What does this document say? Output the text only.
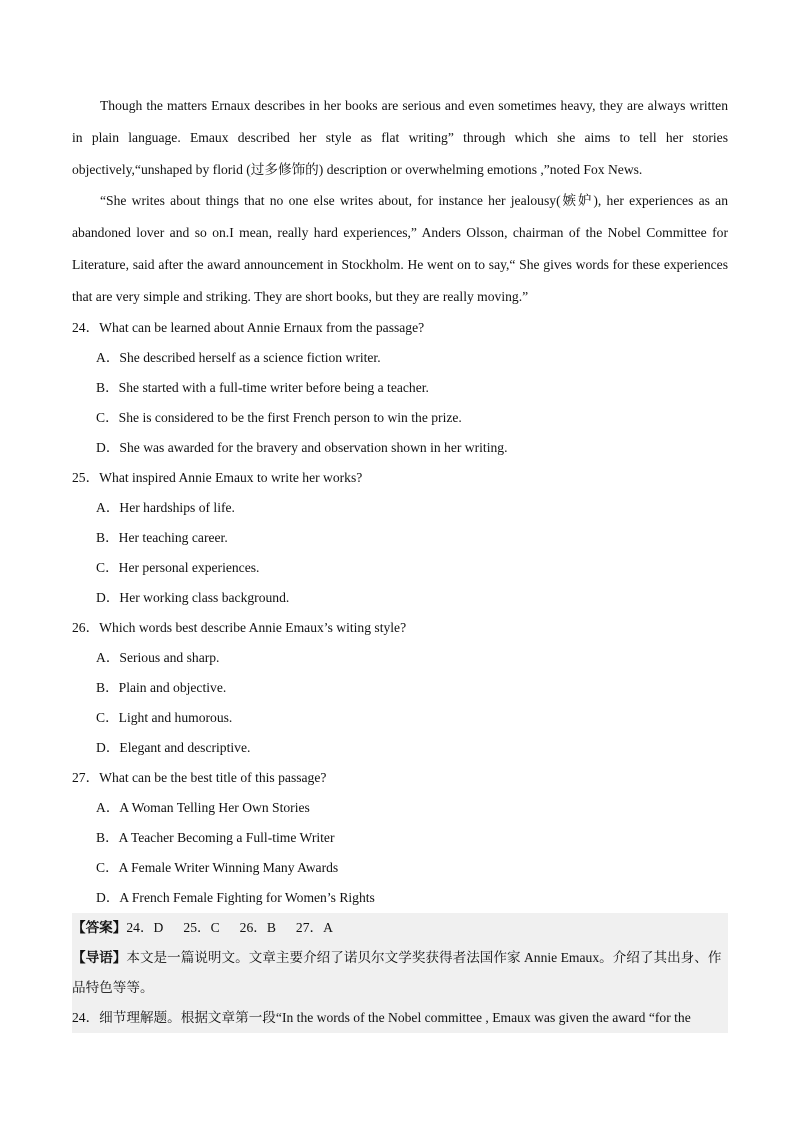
Though the matters Ernaux describes in her books are serious and even sometimes heavy, they are always written in plain language. Emaux described her style as flat writing” through which she aims to tell her stories objectively,“unshaped by florid (过多修饰的) description or overwhelming emotions ,”noted Fox News.

“She writes about things that no one else writes about, for instance her jealousy(嫉妒), her experiences as an abandoned lover and so on.I mean, really hard experiences,” Anders Olsson, chairman of the Nobel Committee for Literature, said after the award announcement in Stockholm. He went on to say,“ She gives words for these experiences that are very simple and striking. They are short books, but they are really moving.”

24．What can be learned about Annie Ernaux from the passage?

A．She described herself as a science fiction writer.

B．She started with a full-time writer before being a teacher.

C．She is considered to be the first French person to win the prize.

D．She was awarded for the bravery and observation shown in her writing.

25．What inspired Annie Emaux to write her works?

A．Her hardships of life.

B．Her teaching career.

C．Her personal experiences.

D．Her working class background.

26．Which words best describe Annie Emaux’s witing style?

A．Serious and sharp.

B．Plain and objective.

C．Light and humorous.

D．Elegant and descriptive.

27．What can be the best title of this passage?

A．A Woman Telling Her Own Stories

B．A Teacher Becoming a Full-time Writer

C．A Female Writer Winning Many Awards

D．A French Female Fighting for Women’s Rights

【答案】24．D 25．C 26．B 27．A

【导语】本文是一篇说明文。文章主要介绍了诺贝尔文学奖获得者法国作家 Annie Emaux。介绍了其出身、作品特色等等。

24．细节理解题。根据文章第一段“In the words of the Nobel committee , Emaux was given the award “for the
